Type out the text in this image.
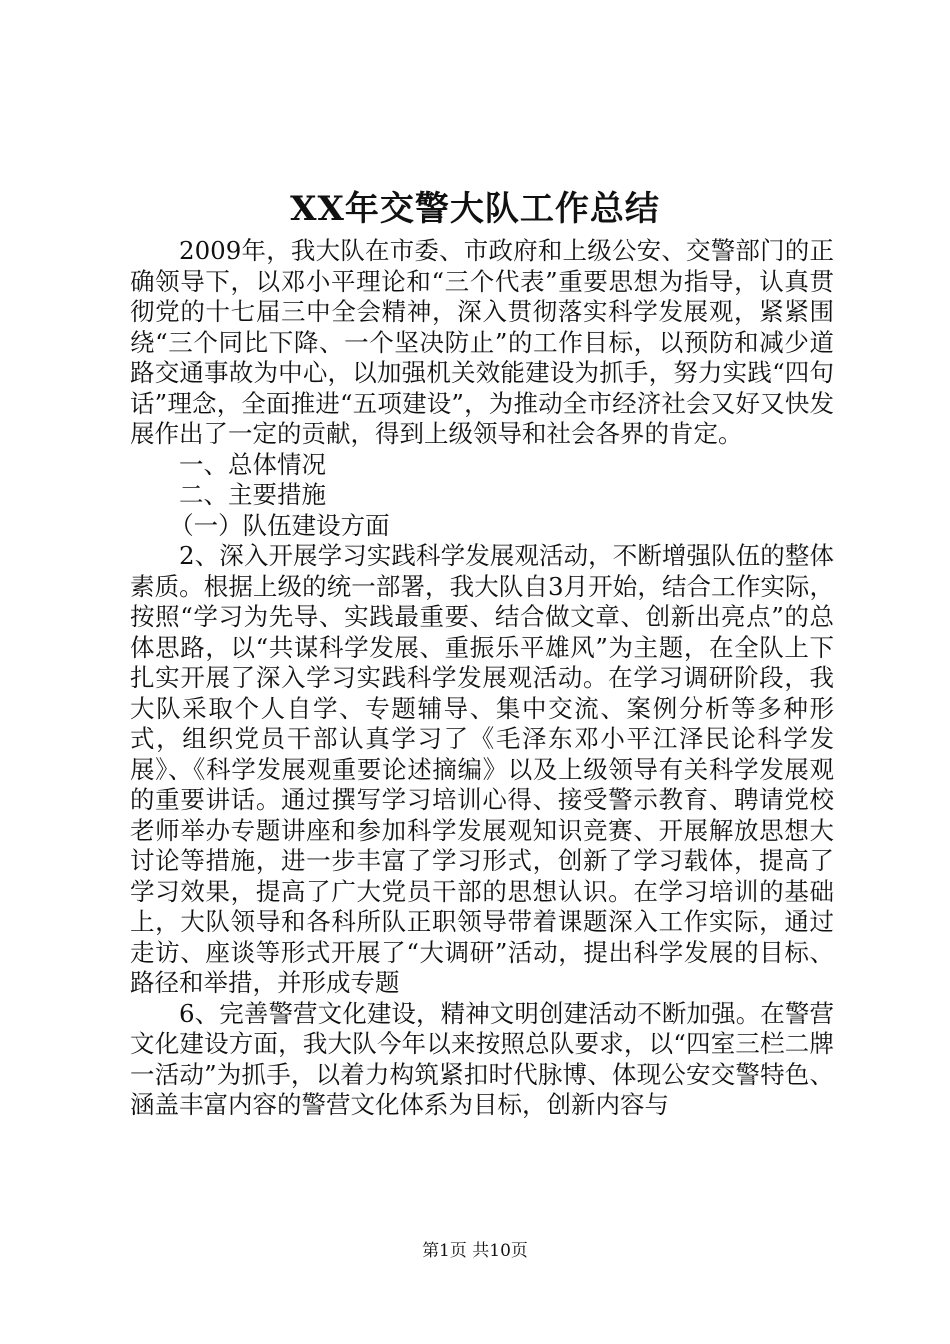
XX年交警大队工作总结

2009年，我大队在市委、市政府和上级公安、交警部门的正确领导下，以邓小平理论和“三个代表”重要思想为指导，认真贯彻党的十七届三中全会精神，深入贯彻落实科学发展观，紧紧围绕“三个同比下降、一个坚决防止”的工作目标，以预防和减少道路交通事故为中心，以加强机关效能建设为抓手，努力实践“四句话”理念，全面推进“五项建设”，为推动全市经济社会又好又快发展作出了一定的贡献，得到上级领导和社会各界的肯定。

一、总体情况

二、主要措施

（一）队伍建设方面

2、深入开展学习实践科学发展观活动，不断增强队伍的整体素质。根据上级的统一部署，我大队自3月开始，结合工作实际，按照“学习为先导、实践最重要、结合做文章、创新出亮点”的总体思路，以“共谋科学发展、重振乐平雄风”为主题，在全队上下扎实开展了深入学习实践科学发展观活动。在学习调研阶段，我大队采取个人自学、专题辅导、集中交流、案例分析等多种形式，组织党员干部认真学习了《毛泽东邓小平江泽民论科学发展》、《科学发展观重要论述摘编》以及上级领导有关科学发展观的重要讲话。通过撰写学习培训心得、接受警示教育、聘请党校老师举办专题讲座和参加科学发展观知识竞赛、开展解放思想大讨论等措施，进一步丰富了学习形式，创新了学习载体，提高了学习效果，提高了广大党员干部的思想认识。在学习培训的基础上，大队领导和各科所队正职领导带着课题深入工作实际，通过走访、座谈等形式开展了“大调研”活动，提出科学发展的目标、路径和举措，并形成专题

6、完善警营文化建设，精神文明创建活动不断加强。在警营文化建设方面，我大队今年以来按照总队要求，以“四室三栏二牌一活动”为抓手，以着力构筑紧扣时代脉博、体现公安交警特色、涵盖丰富内容的警营文化体系为目标，创新内容与

第1页 共10页
